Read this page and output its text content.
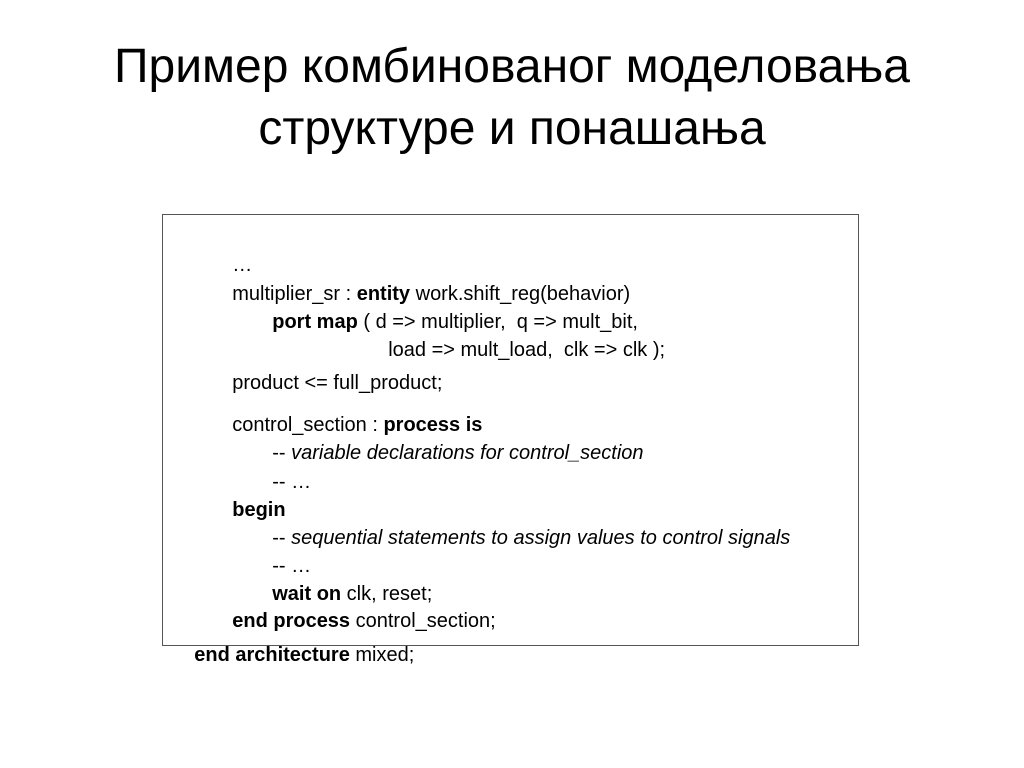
Пример комбинованог моделовања
структуре и понашања

…

multiplier_sr : entity work.shift_reg(behavior)

port map ( d => multiplier,  q => mult_bit,

load => mult_load,  clk => clk );

product <= full_product;

control_section : process is

-- variable declarations for control_section

-- …

begin

-- sequential statements to assign values to control signals

-- …

wait on clk, reset;

end process control_section;

end architecture mixed;
